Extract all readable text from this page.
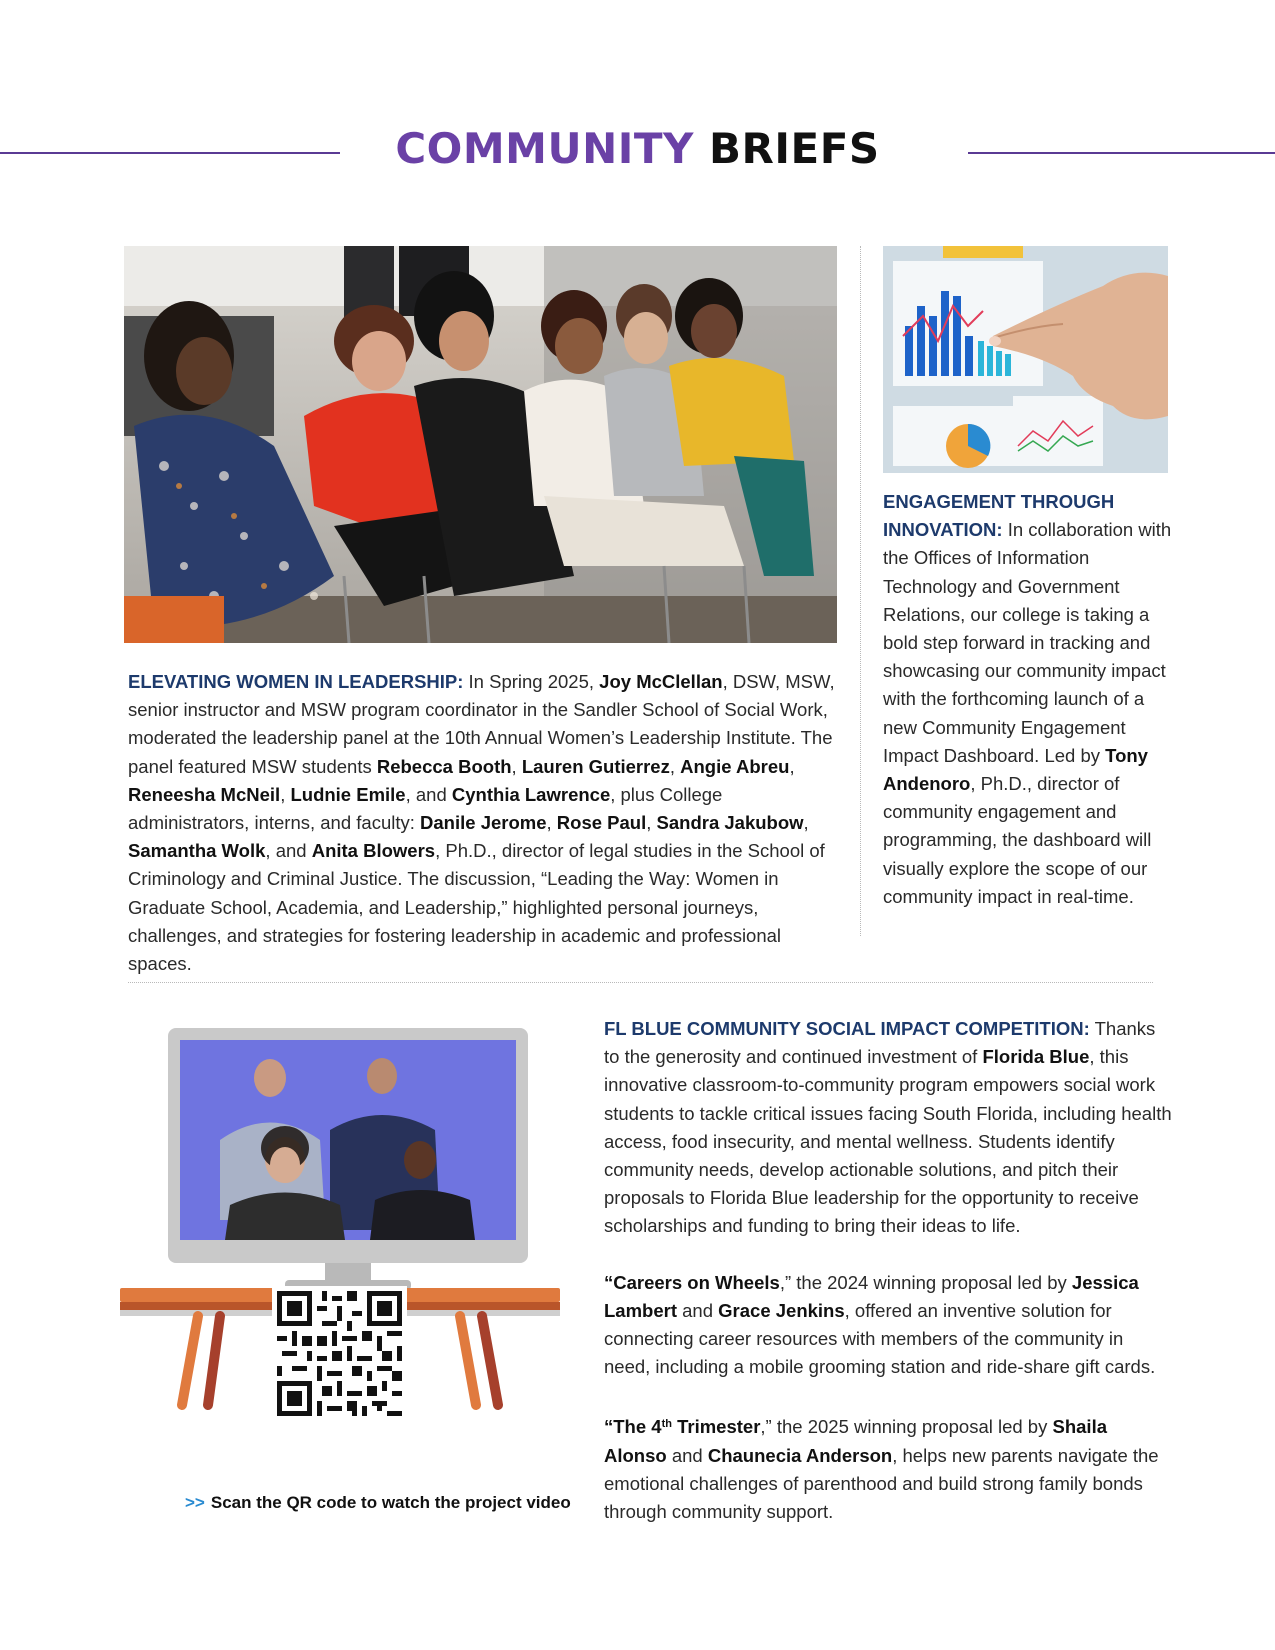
COMMUNITY BRIEFS

ELEVATING WOMEN IN LEADERSHIP: In Spring 2025, Joy McClellan, DSW, MSW, senior instructor and MSW program coordinator in the Sandler School of Social Work, moderated the leadership panel at the 10th Annual Women’s Leadership Institute. The panel featured MSW students Rebecca Booth, Lauren Gutierrez, Angie Abreu, Reneesha McNeil, Ludnie Emile, and Cynthia Lawrence, plus College administrators, interns, and faculty: Danile Jerome, Rose Paul, Sandra Jakubow, Samantha Wolk, and Anita Blowers, Ph.D., director of legal studies in the School of Criminology and Criminal Justice. The discussion, “Leading the Way: Women in Graduate School, Academia, and Leadership,” highlighted personal journeys, challenges, and strategies for fostering leadership in academic and professional spaces.

ENGAGEMENT THROUGH INNOVATION: In collaboration with the Offices of Information Technology and Government Relations, our college is taking a bold step forward in tracking and showcasing our community impact with the forthcoming launch of a new Community Engagement Impact Dashboard. Led by Tony Andenoro, Ph.D., director of community engagement and programming, the dashboard will visually explore the scope of our community impact in real-time.

>> Scan the QR code to watch the project video

FL BLUE COMMUNITY SOCIAL IMPACT COMPETITION: Thanks to the generosity and continued investment of Florida Blue, this innovative classroom-to-community program empowers social work students to tackle critical issues facing South Florida, including health access, food insecurity, and mental wellness. Students identify community needs, develop actionable solutions, and pitch their proposals to Florida Blue leadership for the opportunity to receive scholarships and funding to bring their ideas to life.

“Careers on Wheels,” the 2024 winning proposal led by Jessica Lambert and Grace Jenkins, offered an inventive solution for connecting career resources with members of the community in need, including a mobile grooming station and ride-share gift cards.

“The 4th Trimester,” the 2025 winning proposal led by Shaila Alonso and Chaunecia Anderson, helps new parents navigate the emotional challenges of parenthood and build strong family bonds through community support.
